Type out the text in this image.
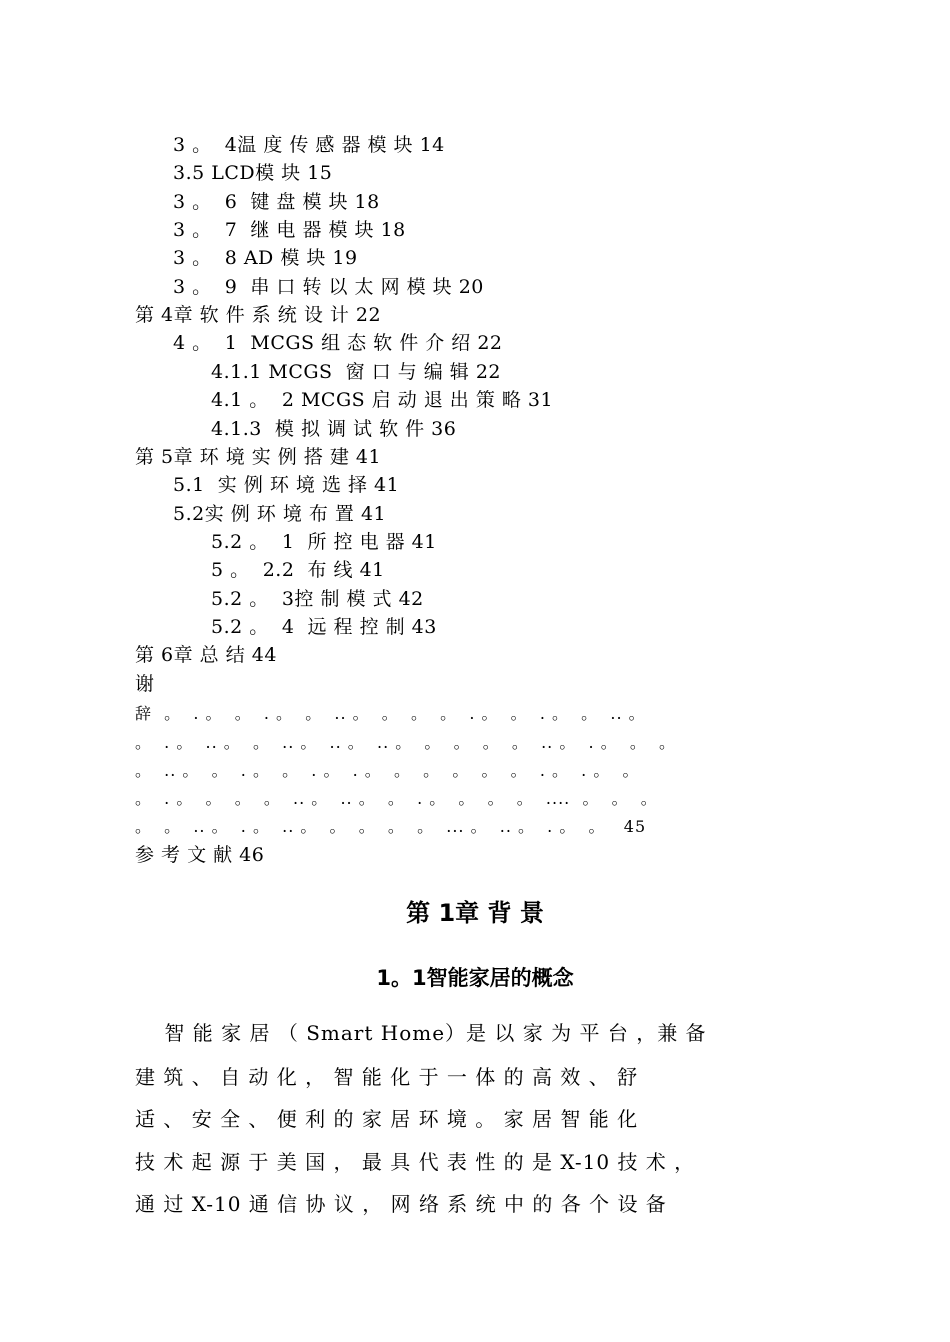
3 。  4温 度 传 感 器 模 块 14
3.5 LCD模 块 15
3 。  6  键 盘 模 块 18
3 。  7  继 电 器 模 块 18
3 。  8 AD 模 块 19
3 。  9  串 口 转 以 太 网 模 块 20
第 4章 软 件 系 统 设 计 22
4 。  1  MCGS 组 态 软 件 介 绍 22
4.1.1 MCGS  窗 口 与 编 辑 22
4.1 。  2 MCGS 启 动 退 出 策 略 31
4.1.3  模 拟 调 试 软 件 36
第 5章 环 境 实 例 搭 建 41
5.1  实 例 环 境 选 择 41
5.2实 例 环 境 布 置 41
5.2 。  1  所 控 电 器 41
5 。  2.2  布 线 41
5.2 。  3控 制 模 式 42
5.2 。  4  远 程 控 制 43
第 6章 总 结 44
谢
辞  。  . 。  。  . 。  。  .. 。  。  。  。  . 。  。  . 。  。  .. 。
。  . 。  .. 。  。  .. 。  .. 。  .. 。  。  。  。  。  .. 。  . 。  。  。
。  .. 。  。  . 。  。  . 。  . 。  。  。  。  。  。  . 。  . 。  。
。  . 。  。  。  。  .. 。  .. 。  。  . 。  。  。  。  ....  。  。  。
。  。  .. 。  . 。  .. 。  。  。  。  。  ... 。  .. 。  . 。  。   45
参 考 文 献 46
第 1章 背 景
1。1智能家居的概念
智 能 家 居 （ Smart Home）是 以 家 为 平 台 ，兼 备
建 筑 、 自 动 化 ， 智 能 化 于 一 体 的 高 效 、 舒
适 、 安 全 、 便 利 的 家 居 环 境 。 家 居 智 能 化
技 术 起 源 于 美 国 ， 最 具 代 表 性 的 是 X-10 技 术 ，
通 过 X-10 通 信 协 议 ， 网 络 系 统 中 的 各 个 设 备
